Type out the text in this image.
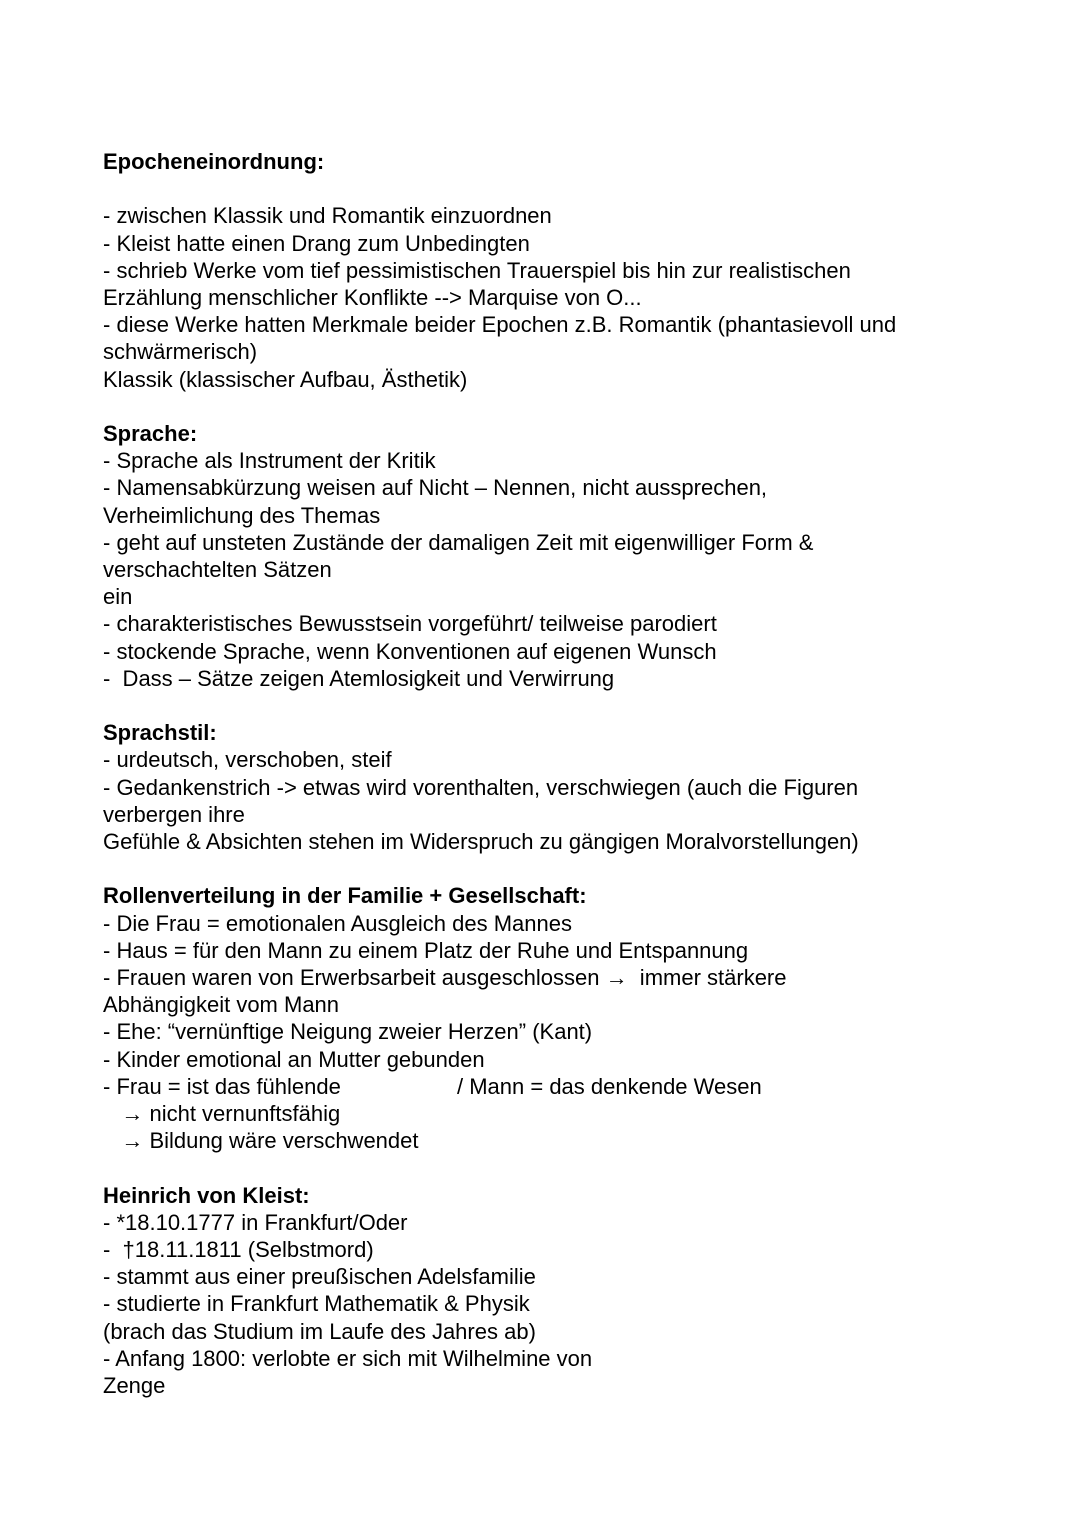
Epocheneinordnung:

- zwischen Klassik und Romantik einzuordnen

- Kleist hatte einen Drang zum Unbedingten

- schrieb Werke vom tief pessimistischen Trauerspiel bis hin zur realistischen

Erzählung menschlicher Konflikte --> Marquise von O...

- diese Werke hatten Merkmale beider Epochen z.B. Romantik (phantasievoll und

schwärmerisch)

Klassik (klassischer Aufbau, Ästhetik)

Sprache:

- Sprache als Instrument der Kritik

- Namensabkürzung weisen auf Nicht – Nennen, nicht aussprechen,

Verheimlichung des Themas

- geht auf unsteten Zustände der damaligen Zeit mit eigenwilliger Form &

verschachtelten Sätzen

ein

- charakteristisches Bewusstsein vorgeführt/ teilweise parodiert

- stockende Sprache, wenn Konventionen auf eigenen Wunsch

-  Dass – Sätze zeigen Atemlosigkeit und Verwirrung

Sprachstil:

- urdeutsch, verschoben, steif

- Gedankenstrich -> etwas wird vorenthalten, verschwiegen (auch die Figuren

verbergen ihre

Gefühle & Absichten stehen im Widerspruch zu gängigen Moralvorstellungen)

Rollenverteilung in der Familie + Gesellschaft:

- Die Frau = emotionalen Ausgleich des Mannes

- Haus = für den Mann zu einem Platz der Ruhe und Entspannung

- Frauen waren von Erwerbsarbeit ausgeschlossen →  immer stärkere

Abhängigkeit vom Mann

- Ehe: “vernünftige Neigung zweier Herzen” (Kant)

- Kinder emotional an Mutter gebunden

- Frau = ist das fühlende                   / Mann = das denkende Wesen

→ nicht vernunftsfähig

→ Bildung wäre verschwendet

Heinrich von Kleist:

- *18.10.1777 in Frankfurt/Oder

-  †18.11.1811 (Selbstmord)

- stammt aus einer preußischen Adelsfamilie

- studierte in Frankfurt Mathematik & Physik

(brach das Studium im Laufe des Jahres ab)

- Anfang 1800: verlobte er sich mit Wilhelmine von

Zenge
